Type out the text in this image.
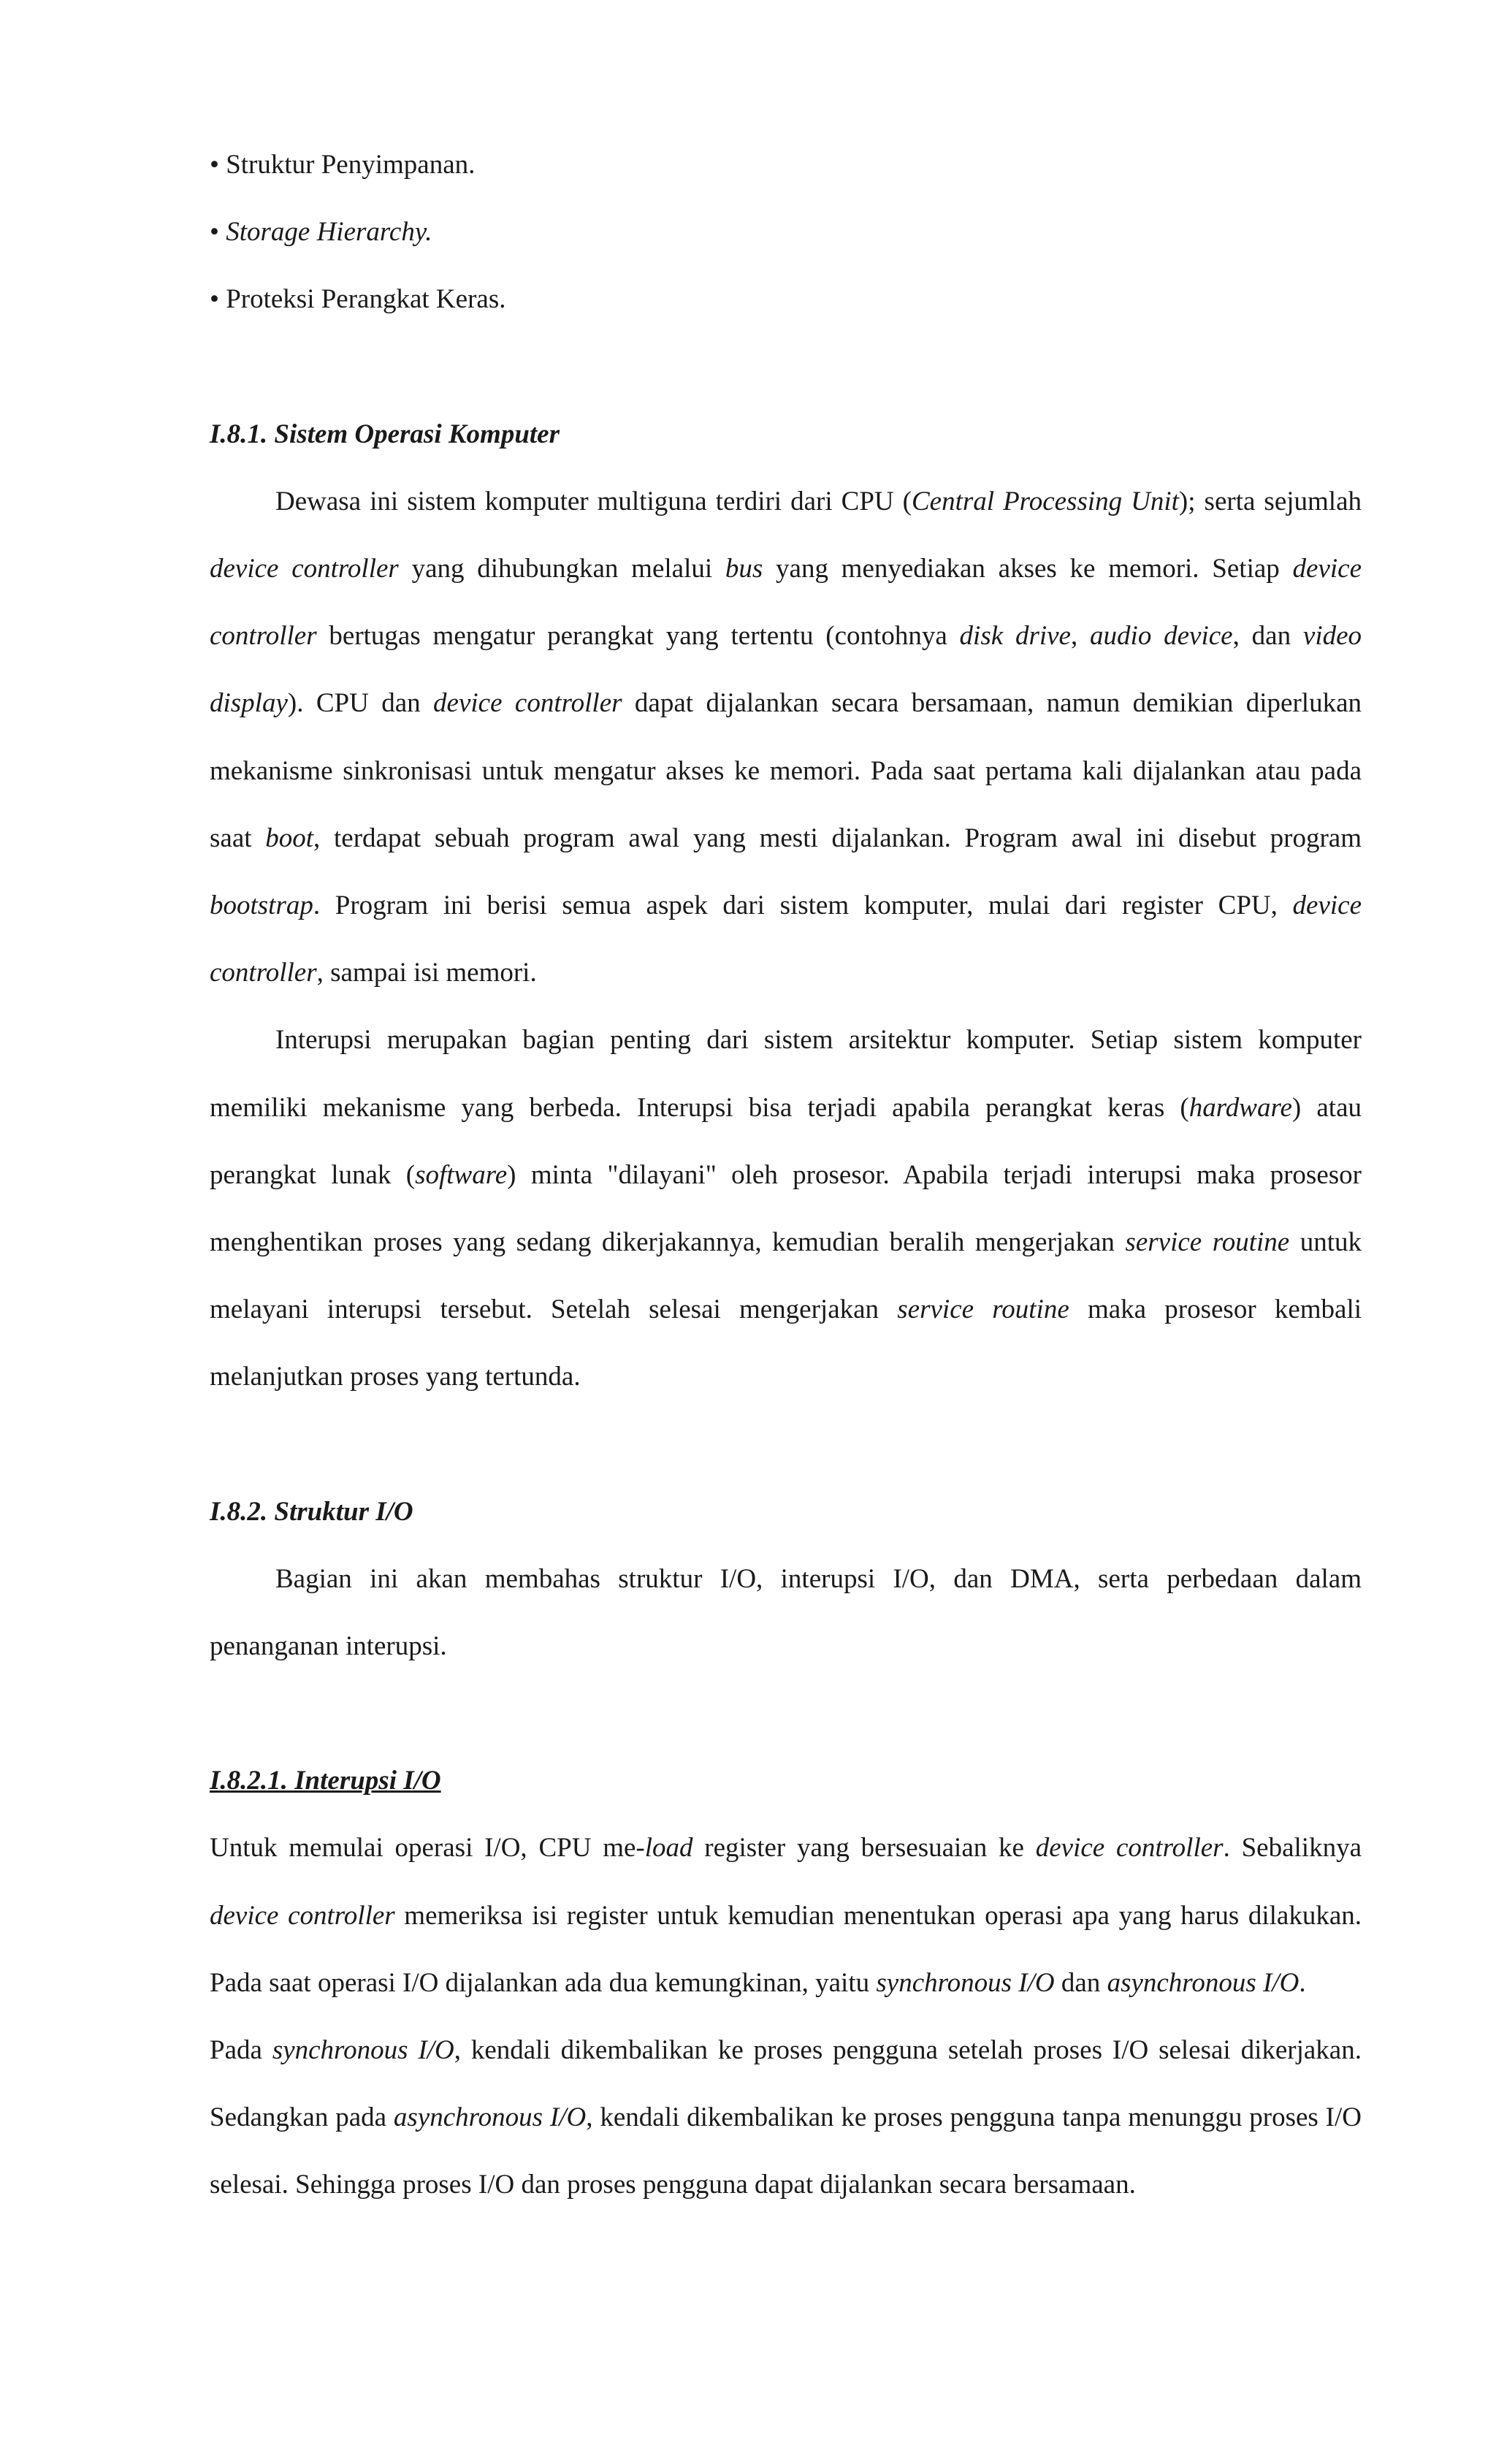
• Struktur Penyimpanan.
• Storage Hierarchy.
• Proteksi Perangkat Keras.
I.8.1. Sistem Operasi Komputer

Dewasa ini sistem komputer multiguna terdiri dari CPU (Central Processing Unit); serta sejumlah device controller yang dihubungkan melalui bus yang menyediakan akses ke memori. Setiap device controller bertugas mengatur perangkat yang tertentu (contohnya disk drive, audio device, dan video display). CPU dan device controller dapat dijalankan secara bersamaan, namun demikian diperlukan mekanisme sinkronisasi untuk mengatur akses ke memori. Pada saat pertama kali dijalankan atau pada saat boot, terdapat sebuah program awal yang mesti dijalankan. Program awal ini disebut program bootstrap. Program ini berisi semua aspek dari sistem komputer, mulai dari register CPU, device controller, sampai isi memori.

Interupsi merupakan bagian penting dari sistem arsitektur komputer. Setiap sistem komputer memiliki mekanisme yang berbeda. Interupsi bisa terjadi apabila perangkat keras (hardware) atau perangkat lunak (software) minta "dilayani" oleh prosesor. Apabila terjadi interupsi maka prosesor menghentikan proses yang sedang dikerjakannya, kemudian beralih mengerjakan service routine untuk melayani interupsi tersebut. Setelah selesai mengerjakan service routine maka prosesor kembali melanjutkan proses yang tertunda.

I.8.2. Struktur I/O

Bagian ini akan membahas struktur I/O, interupsi I/O, dan DMA, serta perbedaan dalam penanganan interupsi.

I.8.2.1. Interupsi I/O

Untuk memulai operasi I/O, CPU me-load register yang bersesuaian ke device controller. Sebaliknya device controller memeriksa isi register untuk kemudian menentukan operasi apa yang harus dilakukan. Pada saat operasi I/O dijalankan ada dua kemungkinan, yaitu synchronous I/O dan asynchronous I/O.

Pada synchronous I/O, kendali dikembalikan ke proses pengguna setelah proses I/O selesai dikerjakan. Sedangkan pada asynchronous I/O, kendali dikembalikan ke proses pengguna tanpa menunggu proses I/O selesai. Sehingga proses I/O dan proses pengguna dapat dijalankan secara bersamaan.
